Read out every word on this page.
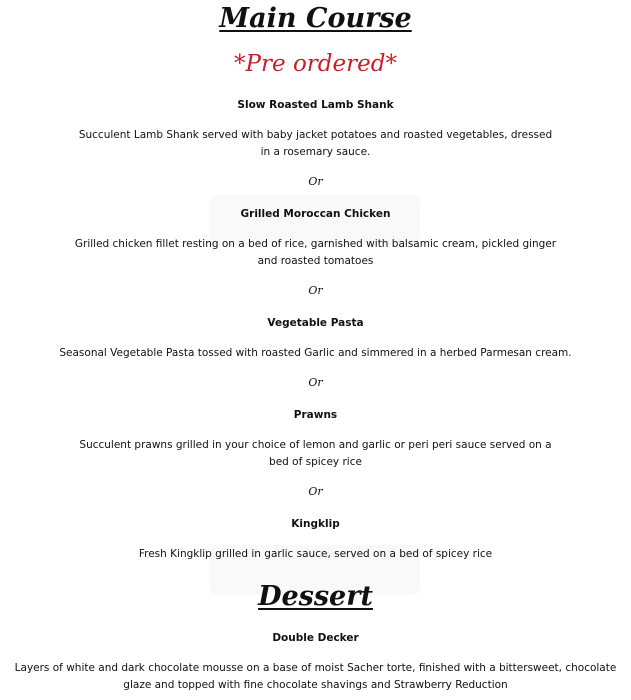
Main Course
*Pre ordered*
Slow Roasted Lamb Shank
Succulent Lamb Shank served with baby jacket potatoes and roasted vegetables, dressed in a rosemary sauce.
Or
Grilled Moroccan Chicken
Grilled chicken fillet resting on a bed of rice, garnished with balsamic cream, pickled ginger and roasted tomatoes
Or
Vegetable Pasta
Seasonal Vegetable Pasta tossed with roasted Garlic and simmered in a herbed Parmesan cream.
Or
Prawns
Succulent prawns grilled in your choice of lemon and garlic or peri peri sauce served on a bed of spicey rice
Or
Kingklip
Fresh Kingklip grilled in garlic sauce, served on a bed of spicey rice
Dessert
Double Decker
Layers of white and dark chocolate mousse on a base of moist Sacher torte, finished with a bittersweet, chocolate glaze and topped with fine chocolate shavings and Strawberry Reduction
